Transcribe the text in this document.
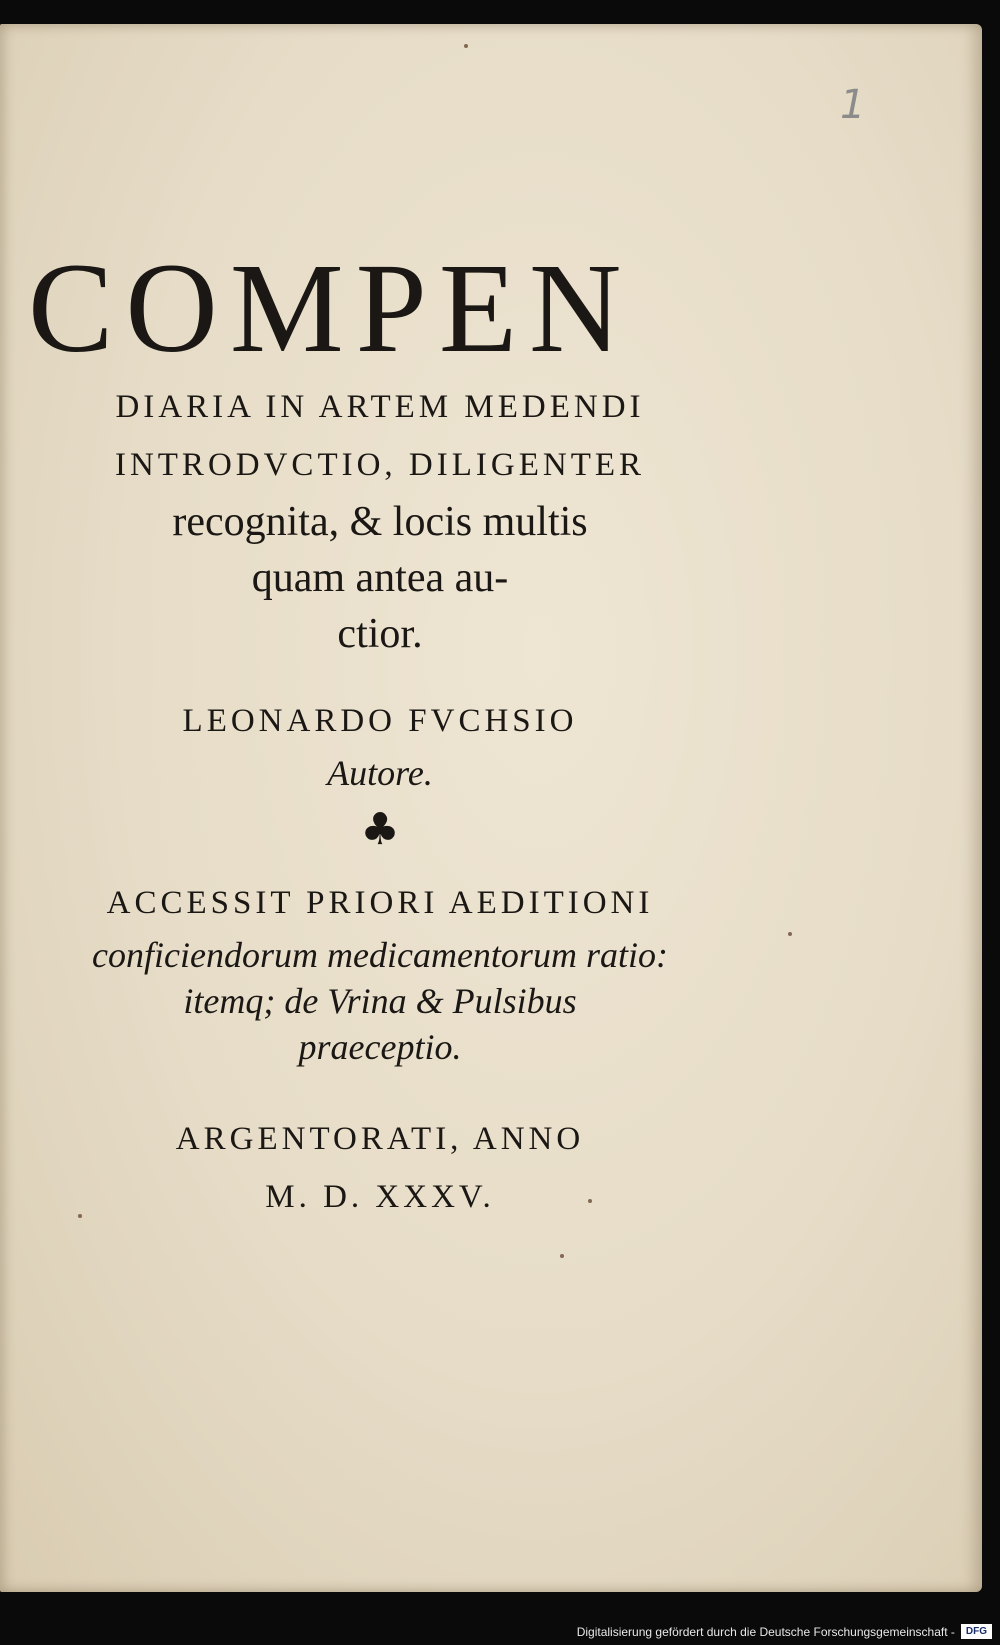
1
COMPEN
DIARIA IN ARTEM MEDENDI
INTRODVCTIO, DILIGENTER
recognita, & locis multis
quam antea au-
ctior.
LEONARDO FVCHSIO
Autore.
♣
ACCESSIT PRIORI AEDITIONI
conficiendorum medicamentorum ratio:
itemq; de Vrina & Pulsibus
praeceptio.
ARGENTORATI, ANNO
M. D. XXXV.
Digitalisierung gefördert durch die Deutsche Forschungsgemeinschaft -	DFG
